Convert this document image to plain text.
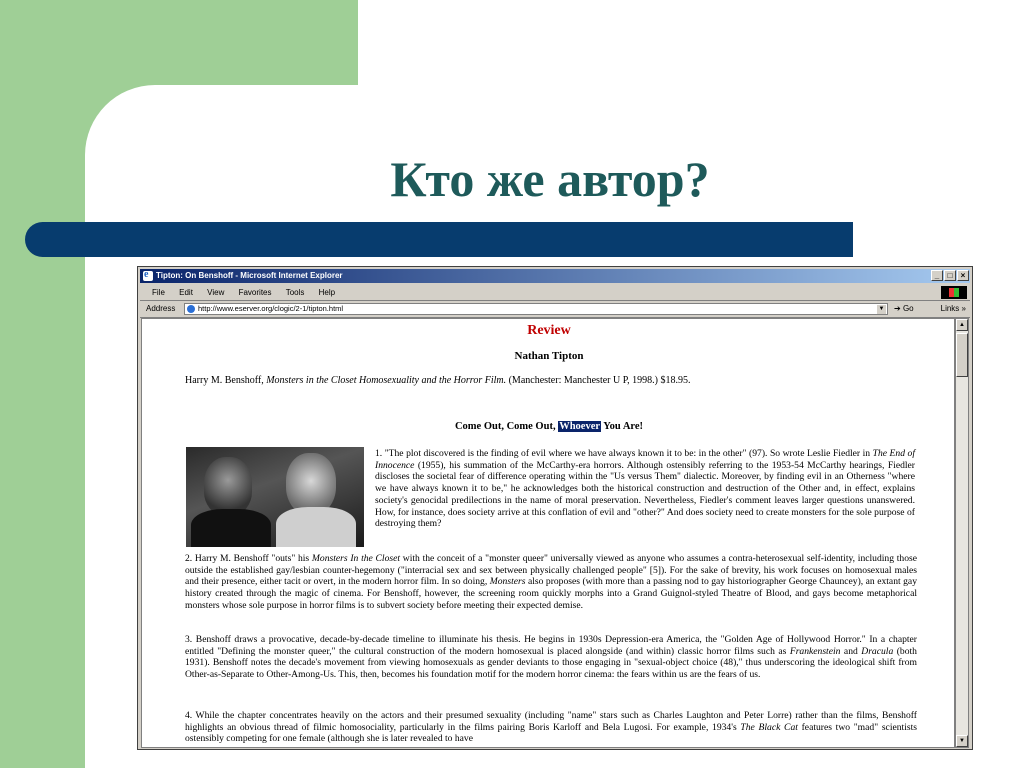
Кто же автор?
eTipton: On Benshoff - Microsoft Internet Explorer	_	□	×
File Edit View Favorites Tools Help
Address	http://www.eserver.org/clogic/2-1/tipton.html	▼ ➔ Go	Links »
Review
Nathan Tipton
Harry M. Benshoff, Monsters in the Closet Homosexuality and the Horror Film. (Manchester: Manchester U P, 1998.) $18.95.
Come Out, Come Out, Whoever You Are!

1. "The plot discovered is the finding of evil where we have always known it to be: in the other" (97). So wrote Leslie Fiedler in The End of Innocence (1955), his summation of the McCarthy-era horrors. Although ostensibly referring to the 1953-54 McCarthy hearings, Fiedler discloses the societal fear of difference operating within the "Us versus Them" dialectic. Moreover, by finding evil in an Otherness "where we have always known it to be," he acknowledges both the historical construction and destruction of the Other and, in effect, explains society's genocidal predilections in the name of moral preservation. Nevertheless, Fiedler's comment leaves larger questions unanswered. How, for instance, does society arrive at this conflation of evil and "other?" And does society need to create monsters for the sole purpose of destroying them?

2. Harry M. Benshoff "outs" his Monsters In the Closet with the conceit of a "monster queer" universally viewed as anyone who assumes a contra-heterosexual self-identity, including those outside the established gay/lesbian counter-hegemony ("interracial sex and sex between physically challenged people" [5]). For the sake of brevity, his work focuses on homosexual males and their presence, either tacit or overt, in the modern horror film. In so doing, Monsters also proposes (with more than a passing nod to gay historiographer George Chauncey), an extant gay history created through the magic of cinema. For Benshoff, however, the screening room quickly morphs into a Grand Guignol-styled Theatre of Blood, and gays become metaphorical monsters whose sole purpose in horror films is to subvert society before meeting their expected demise.

3. Benshoff draws a provocative, decade-by-decade timeline to illuminate his thesis. He begins in 1930s Depression-era America, the "Golden Age of Hollywood Horror." In a chapter entitled "Defining the monster queer," the cultural construction of the modern homosexual is placed alongside (and within) classic horror films such as Frankenstein and Dracula (both 1931). Benshoff notes the decade's movement from viewing homosexuals as gender deviants to those engaging in "sexual-object choice (48)," thus underscoring the ideological shift from Other-as-Separate to Other-Among-Us. This, then, becomes his foundation motif for the modern horror cinema: the fears within us are the fears of us.

4. While the chapter concentrates heavily on the actors and their presumed sexuality (including "name" stars such as Charles Laughton and Peter Lorre) rather than the films, Benshoff highlights an obvious thread of filmic homosociality, particularly in the films pairing Boris Karloff and Bela Lugosi. For example, 1934's The Black Cat features two "mad" scientists ostensibly competing for one female (although she is later revealed to have

▲
▼
